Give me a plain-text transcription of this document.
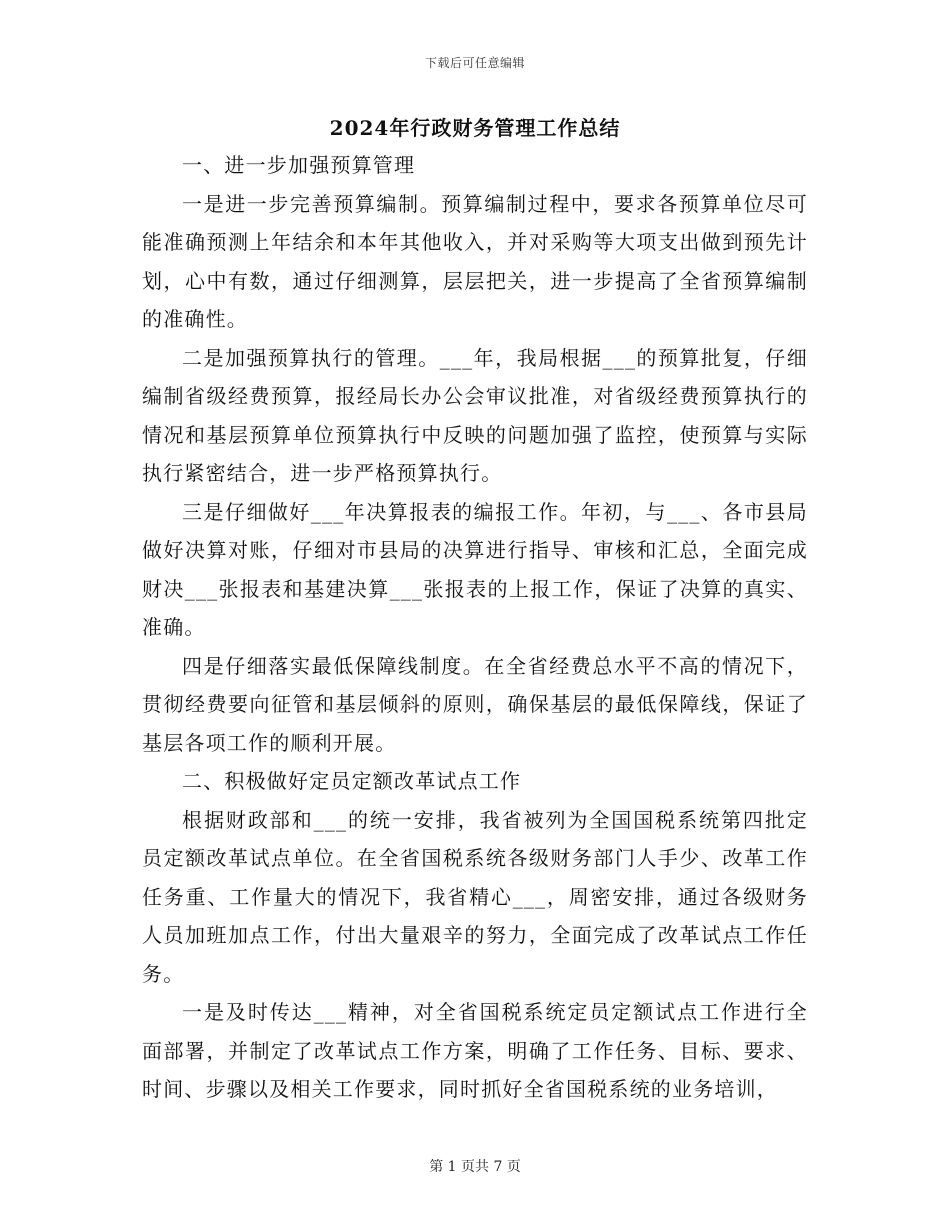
下载后可任意编辑
2024年行政财务管理工作总结

一、进一步加强预算管理

一是进一步完善预算编制。预算编制过程中，要求各预算单位尽可能准确预测上年结余和本年其他收入，并对采购等大项支出做到预先计划，心中有数，通过仔细测算，层层把关，进一步提高了全省预算编制的准确性。

二是加强预算执行的管理。___年，我局根据___的预算批复，仔细编制省级经费预算，报经局长办公会审议批准，对省级经费预算执行的情况和基层预算单位预算执行中反映的问题加强了监控，使预算与实际执行紧密结合，进一步严格预算执行。

三是仔细做好___年决算报表的编报工作。年初，与___、各市县局做好决算对账，仔细对市县局的决算进行指导、审核和汇总，全面完成财决___张报表和基建决算___张报表的上报工作，保证了决算的真实、准确。

四是仔细落实最低保障线制度。在全省经费总水平不高的情况下，贯彻经费要向征管和基层倾斜的原则，确保基层的最低保障线，保证了基层各项工作的顺利开展。

二、积极做好定员定额改革试点工作

根据财政部和___的统一安排，我省被列为全国国税系统第四批定员定额改革试点单位。在全省国税系统各级财务部门人手少、改革工作任务重、工作量大的情况下，我省精心___，周密安排，通过各级财务人员加班加点工作，付出大量艰辛的努力，全面完成了改革试点工作任务。

一是及时传达___精神，对全省国税系统定员定额试点工作进行全面部署，并制定了改革试点工作方案，明确了工作任务、目标、要求、时间、步骤以及相关工作要求，同时抓好全省国税系统的业务培训，

第 1 页共 7 页
